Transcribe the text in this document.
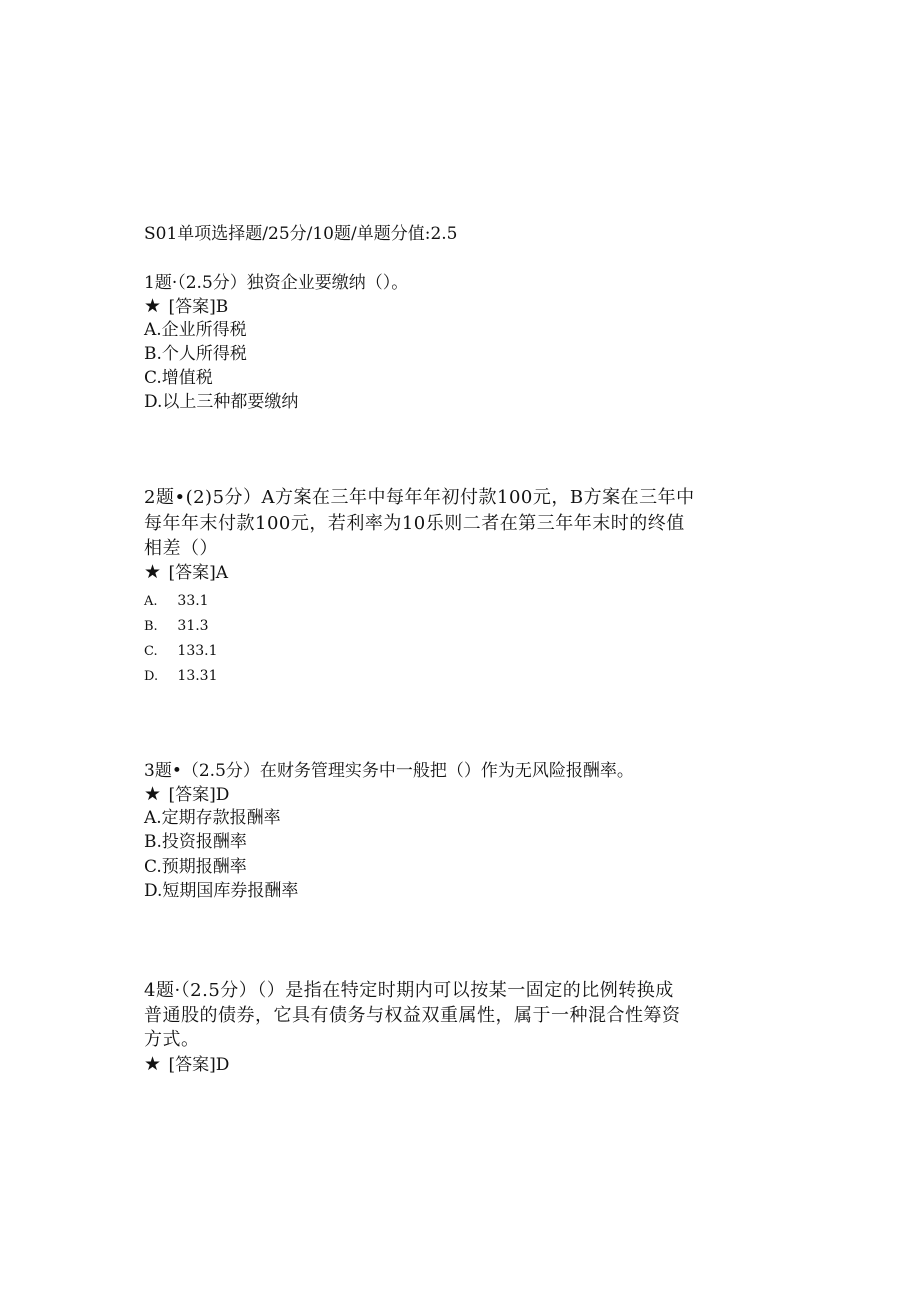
S01单项选择题/25分/10题/单题分值:2.5
1题·（2.5分）独资企业要缴纳（）。
★ [答案]B
A.企业所得税
B.个人所得税
C.增值税
D.以上三种都要缴纳
2题•(2)5分）A方案在三年中每年年初付款100元，B方案在三年中
每年年末付款100元，若利率为10乐则二者在第三年年末时的终值
相差（）
★ [答案]A
A. 33.1
B. 31.3
C. 133.1
D. 13.31
3题•（2.5分）在财务管理实务中一般把（）作为无风险报酬率。
★ [答案]D
A.定期存款报酬率
B.投资报酬率
C.预期报酬率
D.短期国库券报酬率
4题·（2.5分）（）是指在特定时期内可以按某一固定的比例转换成
普通股的债券，它具有债务与权益双重属性，属于一种混合性筹资
方式。
★ [答案]D
